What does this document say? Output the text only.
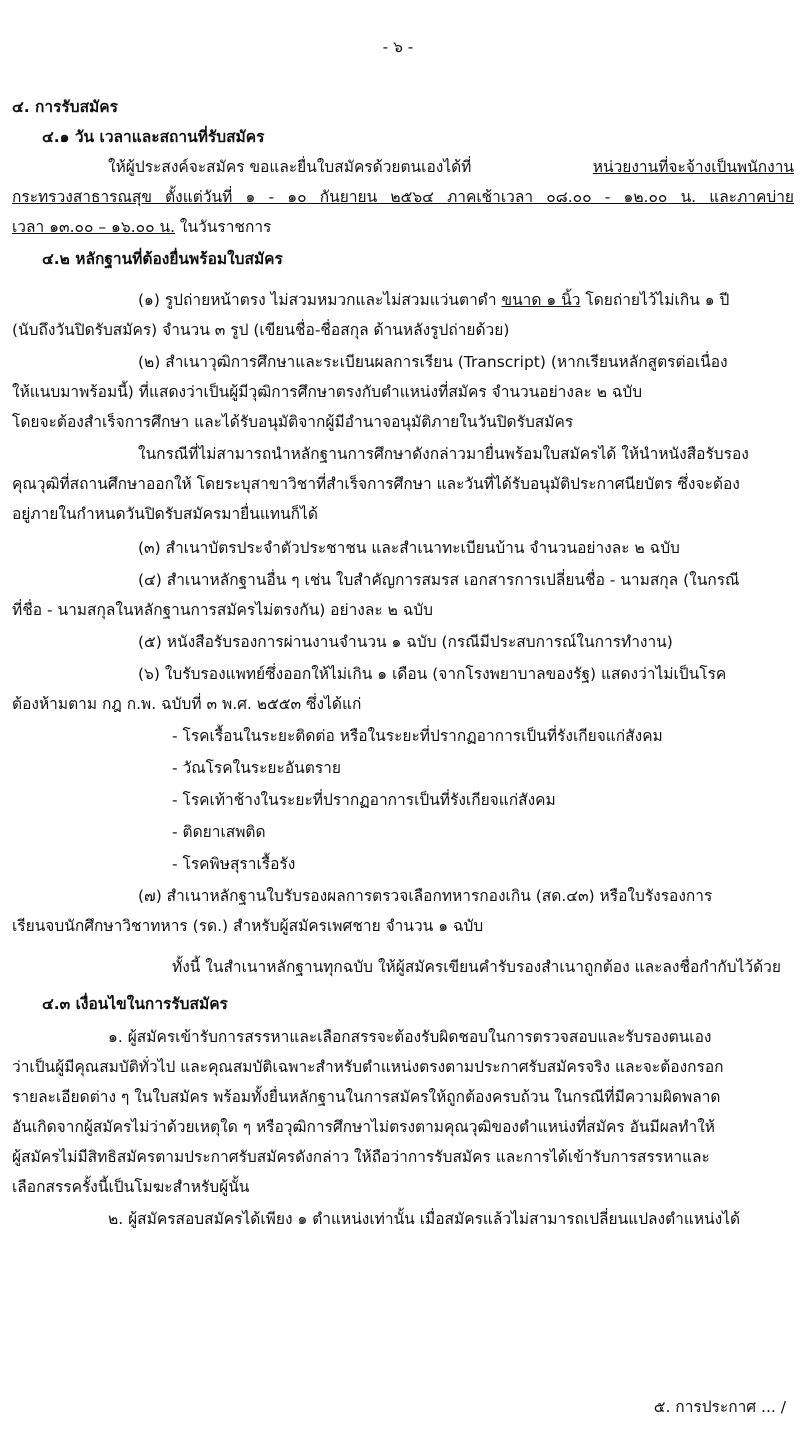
- ๖ -
๔. การรับสมัคร
๔.๑ วัน เวลาและสถานที่รับสมัคร
ให้ผู้ประสงค์จะสมัคร ขอและยื่นใบสมัครด้วยตนเองได้ที่	หน่วยงานที่จะจ้างเป็นพนักงาน
กระทรวงสาธารณสุข ตั้งแต่วันที่ ๑ - ๑๐ กันยายน ๒๕๖๔ ภาคเช้าเวลา ๐๘.๐๐ - ๑๒.๐๐ น. และภาคบ่าย
เวลา ๑๓.๐๐ – ๑๖.๐๐ น. ในวันราชการ
๔.๒ หลักฐานที่ต้องยื่นพร้อมใบสมัคร
(๑) รูปถ่ายหน้าตรง ไม่สวมหมวกและไม่สวมแว่นตาดำ ขนาด ๑ นิ้ว โดยถ่ายไว้ไม่เกิน ๑ ปี
(นับถึงวันปิดรับสมัคร) จำนวน ๓ รูป (เขียนชื่อ-ชื่อสกุล ด้านหลังรูปถ่ายด้วย)
(๒) สำเนาวุฒิการศึกษาและระเบียนผลการเรียน (Transcript) (หากเรียนหลักสูตรต่อเนื่อง
ให้แนบมาพร้อมนี้) ที่แสดงว่าเป็นผู้มีวุฒิการศึกษาตรงกับตำแหน่งที่สมัคร จำนวนอย่างละ ๒ ฉบับ
โดยจะต้องสำเร็จการศึกษา และได้รับอนุมัติจากผู้มีอำนาจอนุมัติภายในวันปิดรับสมัคร
ในกรณีที่ไม่สามารถนำหลักฐานการศึกษาดังกล่าวมายื่นพร้อมใบสมัครได้ ให้นำหนังสือรับรอง
คุณวุฒิที่สถานศึกษาออกให้ โดยระบุสาขาวิชาที่สำเร็จการศึกษา และวันที่ได้รับอนุมัติประกาศนียบัตร ซึ่งจะต้อง
อยู่ภายในกำหนดวันปิดรับสมัครมายื่นแทนก็ได้
(๓) สำเนาบัตรประจำตัวประชาชน และสำเนาทะเบียนบ้าน จำนวนอย่างละ ๒ ฉบับ
(๔) สำเนาหลักฐานอื่น ๆ เช่น ใบสำคัญการสมรส เอกสารการเปลี่ยนชื่อ - นามสกุล (ในกรณี
ที่ชื่อ - นามสกุลในหลักฐานการสมัครไม่ตรงกัน) อย่างละ ๒ ฉบับ
(๕) หนังสือรับรองการผ่านงานจำนวน ๑ ฉบับ (กรณีมีประสบการณ์ในการทำงาน)
(๖) ใบรับรองแพทย์ซึ่งออกให้ไม่เกิน ๑ เดือน (จากโรงพยาบาลของรัฐ) แสดงว่าไม่เป็นโรค
ต้องห้ามตาม กฎ ก.พ. ฉบับที่ ๓ พ.ศ. ๒๕๕๓ ซึ่งได้แก่
- โรคเรื้อนในระยะติดต่อ หรือในระยะที่ปรากฏอาการเป็นที่รังเกียจแก่สังคม
- วัณโรคในระยะอันตราย
- โรคเท้าช้างในระยะที่ปรากฏอาการเป็นที่รังเกียจแก่สังคม
- ติดยาเสพติด
- โรคพิษสุราเรื้อรัง
(๗) สำเนาหลักฐานใบรับรองผลการตรวจเลือกทหารกองเกิน (สด.๔๓) หรือใบรังรองการ
เรียนจบนักศึกษาวิชาทหาร (รด.) สำหรับผู้สมัครเพศชาย จำนวน ๑ ฉบับ
ทั้งนี้ ในสำเนาหลักฐานทุกฉบับ ให้ผู้สมัครเขียนคำรับรองสำเนาถูกต้อง และลงชื่อกำกับไว้ด้วย
๔.๓ เงื่อนไขในการรับสมัคร
๑. ผู้สมัครเข้ารับการสรรหาและเลือกสรรจะต้องรับผิดชอบในการตรวจสอบและรับรองตนเอง
ว่าเป็นผู้มีคุณสมบัติทั่วไป และคุณสมบัติเฉพาะสำหรับตำแหน่งตรงตามประกาศรับสมัครจริง และจะต้องกรอก
รายละเอียดต่าง ๆ ในใบสมัคร พร้อมทั้งยื่นหลักฐานในการสมัครให้ถูกต้องครบถ้วน ในกรณีที่มีความผิดพลาด
อันเกิดจากผู้สมัครไม่ว่าด้วยเหตุใด ๆ หรือวุฒิการศึกษาไม่ตรงตามคุณวุฒิของตำแหน่งที่สมัคร อันมีผลทำให้
ผู้สมัครไม่มีสิทธิสมัครตามประกาศรับสมัครดังกล่าว ให้ถือว่าการรับสมัคร และการได้เข้ารับการสรรหาและ
เลือกสรรครั้งนี้เป็นโมฆะสำหรับผู้นั้น
๒. ผู้สมัครสอบสมัครได้เพียง ๑ ตำแหน่งเท่านั้น เมื่อสมัครแล้วไม่สามารถเปลี่ยนแปลงตำแหน่งได้
๕. การประกาศ ... /
